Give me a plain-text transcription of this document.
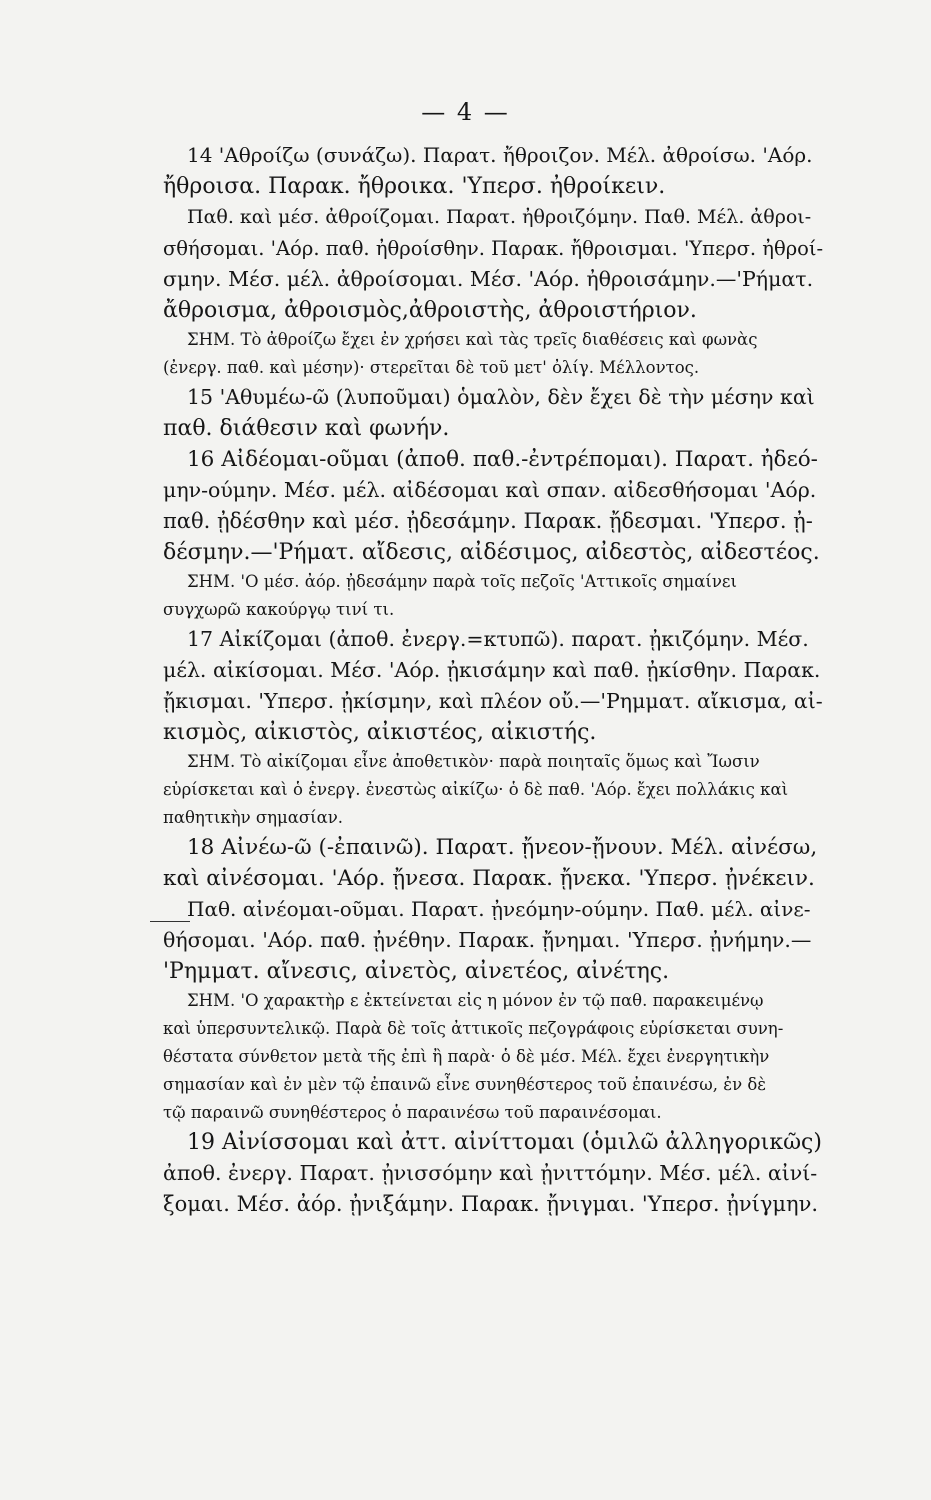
— 4 —
14 'Αθροίζω (συνάζω). Παρατ. ἤθροιζον. Μέλ. ἀθροίσω. 'Αόρ.
ἤθροισα. Παρακ. ἤθροικα. 'Υπερσ. ἠθροίκειν.
Παθ. καὶ μέσ. ἀθροίζομαι. Παρατ. ἠθροιζόμην. Παθ. Μέλ. ἀθροι-
σθήσομαι. 'Αόρ. παθ. ἠθροίσθην. Παρακ. ἤθροισμαι. 'Υπερσ. ἠθροί-
σμην. Μέσ. μέλ. ἀθροίσομαι. Μέσ. 'Αόρ. ἠθροισάμην.—'Ρήματ.
ἄθροισμα, ἀθροισμὸς,ἀθροιστὴς, ἀθροιστήριον.
ΣΗΜ. Τὸ ἀθροίζω ἔχει ἐν χρήσει καὶ τὰς τρεῖς διαθέσεις καὶ φωνὰς
(ἐνεργ. παθ. καὶ μέσην)· στερεῖται δὲ τοῦ μετ' ὀλίγ. Μέλλοντος.
15 'Αθυμέω-ῶ (λυποῦμαι) ὁμαλὸν, δὲν ἔχει δὲ τὴν μέσην καὶ
παθ. διάθεσιν καὶ φωνήν.
16 Αἰδέομαι-οῦμαι (ἀποθ. παθ.-ἐντρέπομαι). Παρατ. ἠδεό-
μην-ούμην. Μέσ. μέλ. αἰδέσομαι καὶ σπαν. αἰδεσθήσομαι 'Αόρ.
παθ. ᾐδέσθην καὶ μέσ. ᾐδεσάμην. Παρακ. ᾔδεσμαι. 'Υπερσ. ᾐ-
δέσμην.—'Ρήματ. αἴδεσις, αἰδέσιμος, αἰδεστὸς, αἰδεστέος.
ΣΗΜ. 'Ο μέσ. ἀόρ. ᾐδεσάμην παρὰ τοῖς πεζοῖς 'Αττικοῖς σημαίνει
συγχωρῶ κακούργῳ τινί τι.
17 Αἰκίζομαι (ἀποθ. ἐνεργ.=κτυπῶ). παρατ. ᾐκιζόμην. Μέσ.
μέλ. αἰκίσομαι. Μέσ. 'Αόρ. ᾐκισάμην καὶ παθ. ᾐκίσθην. Παρακ.
ᾔκισμαι. 'Υπερσ. ᾐκίσμην, καὶ πλέον οὔ.—'Ρημματ. αἴκισμα, αἰ-
κισμὸς, αἰκιστὸς, αἰκιστέος, αἰκιστής.
ΣΗΜ. Τὸ αἰκίζομαι εἶνε ἀποθετικὸν· παρὰ ποιηταῖς ὅμως καὶ Ἴωσιν
εὑρίσκεται καὶ ὁ ἐνεργ. ἐνεστὼς αἰκίζω· ὁ δὲ παθ. 'Αόρ. ἔχει πολλάκις καὶ
παθητικὴν σημασίαν.
18 Αἰνέω-ῶ (-ἐπαινῶ). Παρατ. ᾔνεον-ᾔνουν. Μέλ. αἰνέσω,
καὶ αἰνέσομαι. 'Αόρ. ᾔνεσα. Παρακ. ᾔνεκα. 'Υπερσ. ᾐνέκειν.
Παθ. αἰνέομαι-οῦμαι. Παρατ. ᾐνεόμην-ούμην. Παθ. μέλ. αἰνε-
θήσομαι. 'Αόρ. παθ. ᾐνέθην. Παρακ. ᾔνημαι. 'Υπερσ. ᾐνήμην.—
'Ρημματ. αἴνεσις, αἰνετὸς, αἰνετέος, αἰνέτης.
ΣΗΜ. 'Ο χαρακτὴρ ε ἐκτείνεται εἰς η μόνον ἐν τῷ παθ. παρακειμένῳ
καὶ ὑπερσυντελικῷ. Παρὰ δὲ τοῖς ἀττικοῖς πεζογράφοις εὑρίσκεται συνη-
θέστατα σύνθετον μετὰ τῆς ἐπὶ ἢ παρὰ· ὁ δὲ μέσ. Μέλ. ἔχει ἐνεργητικὴν
σημασίαν καὶ ἐν μὲν τῷ ἐπαινῶ εἶνε συνηθέστερος τοῦ ἐπαινέσω, ἐν δὲ
τῷ παραινῶ συνηθέστερος ὁ παραινέσω τοῦ παραινέσομαι.
19 Αἰνίσσομαι καὶ ἀττ. αἰνίττομαι (ὁμιλῶ ἀλληγορικῶς)
ἀποθ. ἐνεργ. Παρατ. ᾐνισσόμην καὶ ᾐνιττόμην. Μέσ. μέλ. αἰνί-
ξομαι. Μέσ. ἀόρ. ᾐνιξάμην. Παρακ. ᾔνιγμαι. 'Υπερσ. ᾐνίγμην.
